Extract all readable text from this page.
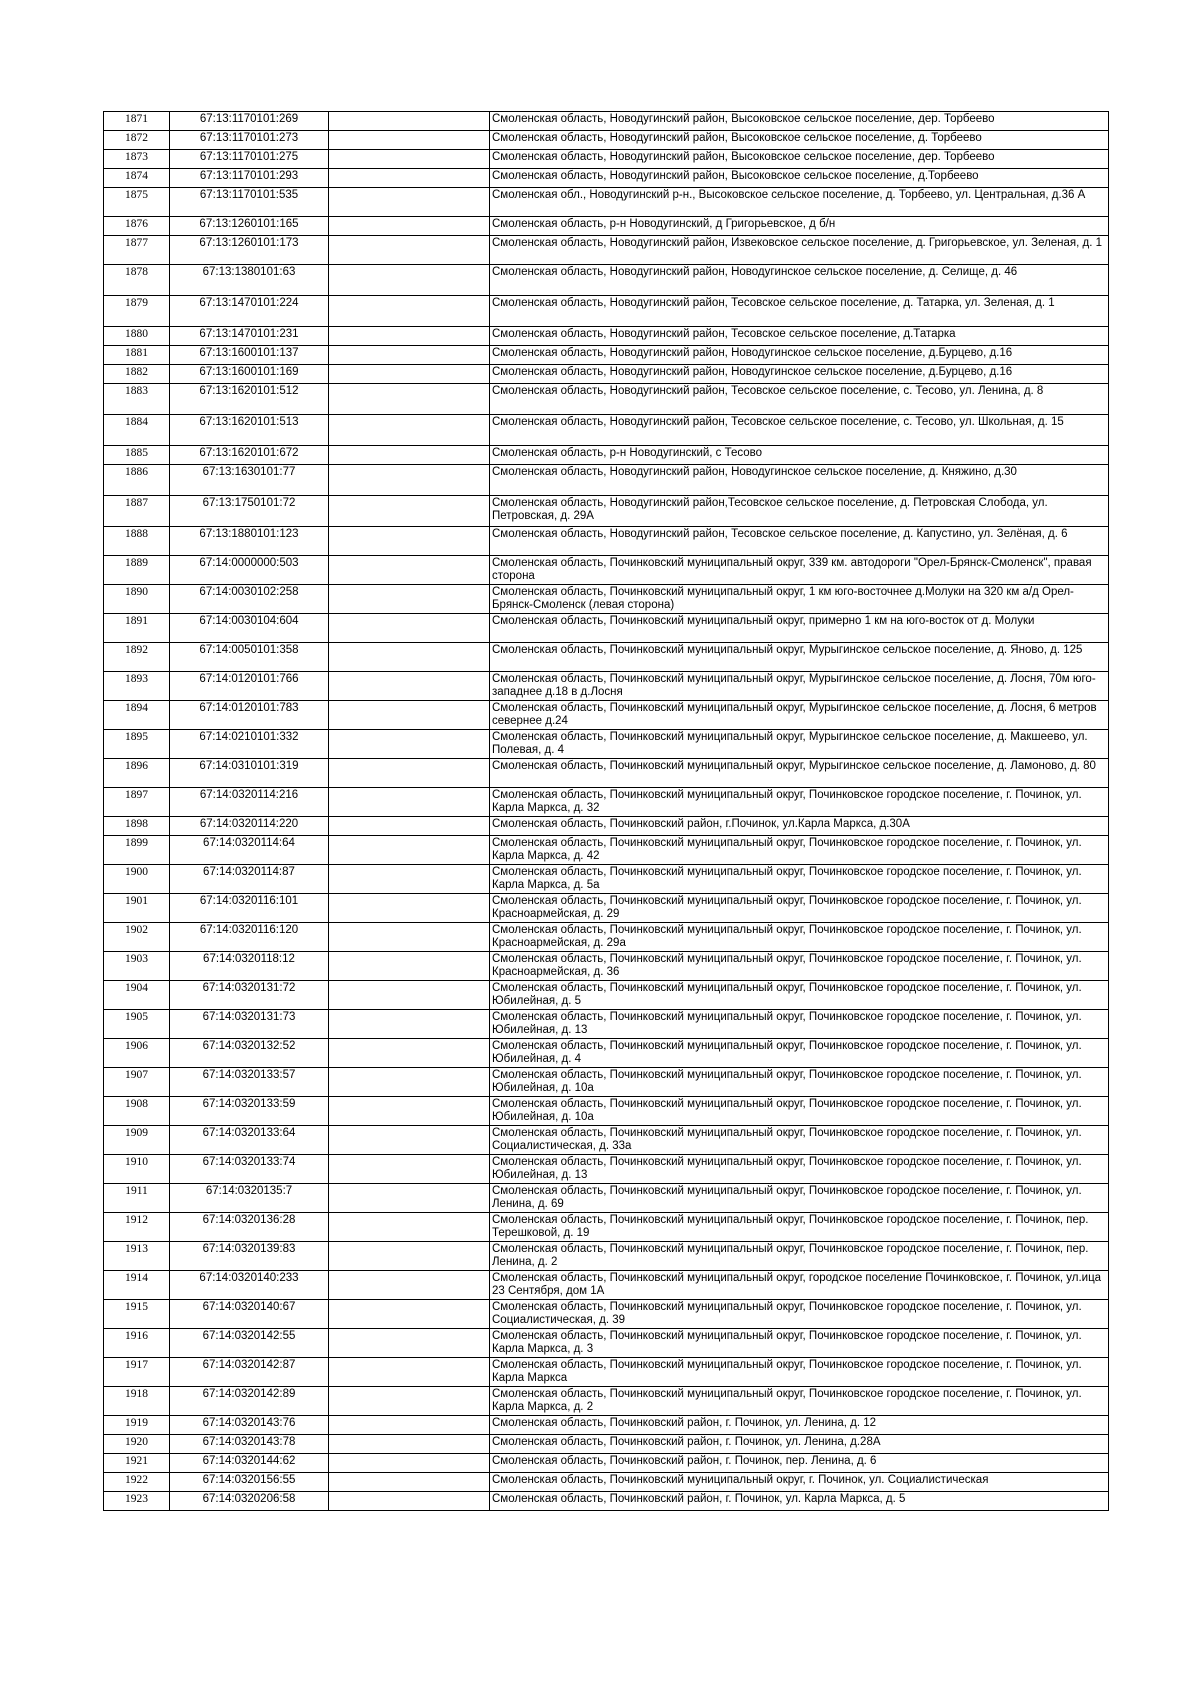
1871	67:13:1170101:269		Смоленская область, Новодугинский район, Высоковское сельское поселение, дер. Торбеево
1872	67:13:1170101:273		Смоленская область, Новодугинский район, Высоковское сельское поселение, д. Торбеево
1873	67:13:1170101:275		Смоленская область, Новодугинский район, Высоковское сельское поселение, дер. Торбеево
1874	67:13:1170101:293		Смоленская область, Новодугинский район, Высоковское сельское поселение, д.Торбеево
1875	67:13:1170101:535		Смоленская обл., Новодугинский р-н., Высоковское сельское поселение, д. Торбеево, ул. Центральная, д.36 А
1876	67:13:1260101:165		Смоленская область, р-н Новодугинский, д Григорьевское, д б/н
1877	67:13:1260101:173		Смоленская область, Новодугинский район, Извековское сельское поселение, д. Григорьевское, ул. Зеленая, д. 1
1878	67:13:1380101:63		Смоленская область, Новодугинский район, Новодугинское сельское поселение, д. Селище, д. 46
1879	67:13:1470101:224		Смоленская область, Новодугинский район, Тесовское сельское поселение, д. Татарка, ул. Зеленая, д. 1
1880	67:13:1470101:231		Смоленская область, Новодугинский район, Тесовское сельское поселение, д.Татарка
1881	67:13:1600101:137		Смоленская область, Новодугинский район, Новодугинское сельское поселение, д.Бурцево, д.16
1882	67:13:1600101:169		Смоленская область, Новодугинский район, Новодугинское сельское поселение, д.Бурцево, д.16
1883	67:13:1620101:512		Смоленская область, Новодугинский район, Тесовское сельское поселение, с. Тесово, ул. Ленина, д. 8
1884	67:13:1620101:513		Смоленская область, Новодугинский район, Тесовское сельское поселение, с. Тесово, ул. Школьная, д. 15
1885	67:13:1620101:672		Смоленская область, р-н Новодугинский, с Тесово
1886	67:13:1630101:77		Смоленская область, Новодугинский район, Новодугинское сельское поселение, д. Княжино, д.30
1887	67:13:1750101:72		Смоленская область, Новодугинский район,Тесовское сельское поселение, д. Петровская Слобода, ул. Петровская, д. 29А
1888	67:13:1880101:123		Смоленская область, Новодугинский район, Тесовское сельское поселение, д. Капустино, ул. Зелёная, д. 6
1889	67:14:0000000:503		Смоленская область, Починковский муниципальный округ, 339 км. автодороги "Орел-Брянск-Смоленск", правая сторона
1890	67:14:0030102:258		Смоленская область, Починковский муниципальный округ, 1 км юго-восточнее д.Молуки на 320 км а/д Орел-Брянск-Смоленск (левая сторона)
1891	67:14:0030104:604		Смоленская область, Починковский муниципальный округ, примерно 1 км на юго-восток от д. Молуки
1892	67:14:0050101:358		Смоленская область, Починковский муниципальный округ, Мурыгинское сельское поселение, д. Яново, д. 125
1893	67:14:0120101:766		Смоленская область, Починковский муниципальный округ, Мурыгинское сельское поселение, д. Лосня, 70м юго-западнее д.18 в д.Лосня
1894	67:14:0120101:783		Смоленская область, Починковский муниципальный округ, Мурыгинское сельское поселение, д. Лосня, 6 метров севернее д.24
1895	67:14:0210101:332		Смоленская область, Починковский муниципальный округ, Мурыгинское сельское поселение, д. Макшеево, ул. Полевая, д. 4
1896	67:14:0310101:319		Смоленская область, Починковский муниципальный округ, Мурыгинское сельское поселение, д. Ламоново, д. 80
1897	67:14:0320114:216		Смоленская область, Починковский муниципальный округ, Починковское городское поселение, г. Починок, ул. Карла Маркса, д. 32
1898	67:14:0320114:220		Смоленская область, Починковский район, г.Починок, ул.Карла Маркса, д.30А
1899	67:14:0320114:64		Смоленская область, Починковский муниципальный округ, Починковское городское поселение, г. Починок, ул. Карла Маркса, д. 42
1900	67:14:0320114:87		Смоленская область, Починковский муниципальный округ, Починковское городское поселение, г. Починок, ул. Карла Маркса, д. 5а
1901	67:14:0320116:101		Смоленская область, Починковский муниципальный округ, Починковское городское поселение, г. Починок, ул. Красноармейская, д. 29
1902	67:14:0320116:120		Смоленская область, Починковский муниципальный округ, Починковское городское поселение, г. Починок, ул. Красноармейская, д. 29а
1903	67:14:0320118:12		Смоленская область, Починковский муниципальный округ, Починковское городское поселение, г. Починок, ул. Красноармейская, д. 36
1904	67:14:0320131:72		Смоленская область, Починковский муниципальный округ, Починковское городское поселение, г. Починок, ул. Юбилейная, д. 5
1905	67:14:0320131:73		Смоленская область, Починковский муниципальный округ, Починковское городское поселение, г. Починок, ул. Юбилейная, д. 13
1906	67:14:0320132:52		Смоленская область, Починковский муниципальный округ, Починковское городское поселение, г. Починок, ул. Юбилейная, д. 4
1907	67:14:0320133:57		Смоленская область, Починковский муниципальный округ, Починковское городское поселение, г. Починок, ул. Юбилейная, д. 10а
1908	67:14:0320133:59		Смоленская область, Починковский муниципальный округ, Починковское городское поселение, г. Починок, ул. Юбилейная, д. 10а
1909	67:14:0320133:64		Смоленская область, Починковский муниципальный округ, Починковское городское поселение, г. Починок, ул. Социалистическая, д. 33а
1910	67:14:0320133:74		Смоленская область, Починковский муниципальный округ, Починковское городское поселение, г. Починок, ул. Юбилейная, д. 13
1911	67:14:0320135:7		Смоленская область, Починковский муниципальный округ, Починковское городское поселение, г. Починок, ул. Ленина, д. 69
1912	67:14:0320136:28		Смоленская область, Починковский муниципальный округ, Починковское городское поселение, г. Починок, пер. Терешковой, д. 19
1913	67:14:0320139:83		Смоленская область, Починковский муниципальный округ, Починковское городское поселение, г. Починок, пер. Ленина, д. 2
1914	67:14:0320140:233		Смоленская область, Починковский муниципальный округ, городское поселение Починковское, г. Починок, ул.ица 23 Сентября, дом 1А
1915	67:14:0320140:67		Смоленская область, Починковский муниципальный округ, Починковское городское поселение, г. Починок, ул. Социалистическая, д. 39
1916	67:14:0320142:55		Смоленская область, Починковский муниципальный округ, Починковское городское поселение, г. Починок, ул. Карла Маркса, д. 3
1917	67:14:0320142:87		Смоленская область, Починковский муниципальный округ, Починковское городское поселение, г. Починок, ул. Карла Маркса
1918	67:14:0320142:89		Смоленская область, Починковский муниципальный округ, Починковское городское поселение, г. Починок, ул. Карла Маркса, д. 2
1919	67:14:0320143:76		Смоленская область, Починковский район, г. Починок, ул. Ленина, д. 12
1920	67:14:0320143:78		Смоленская область, Починковский район, г. Починок, ул. Ленина, д.28А
1921	67:14:0320144:62		Смоленская область, Починковский район, г. Починок, пер. Ленина, д. 6
1922	67:14:0320156:55		Смоленская область, Починковский муниципальный округ, г. Починок, ул. Социалистическая
1923	67:14:0320206:58		Смоленская область, Починковский район, г. Починок, ул. Карла Маркса, д. 5
